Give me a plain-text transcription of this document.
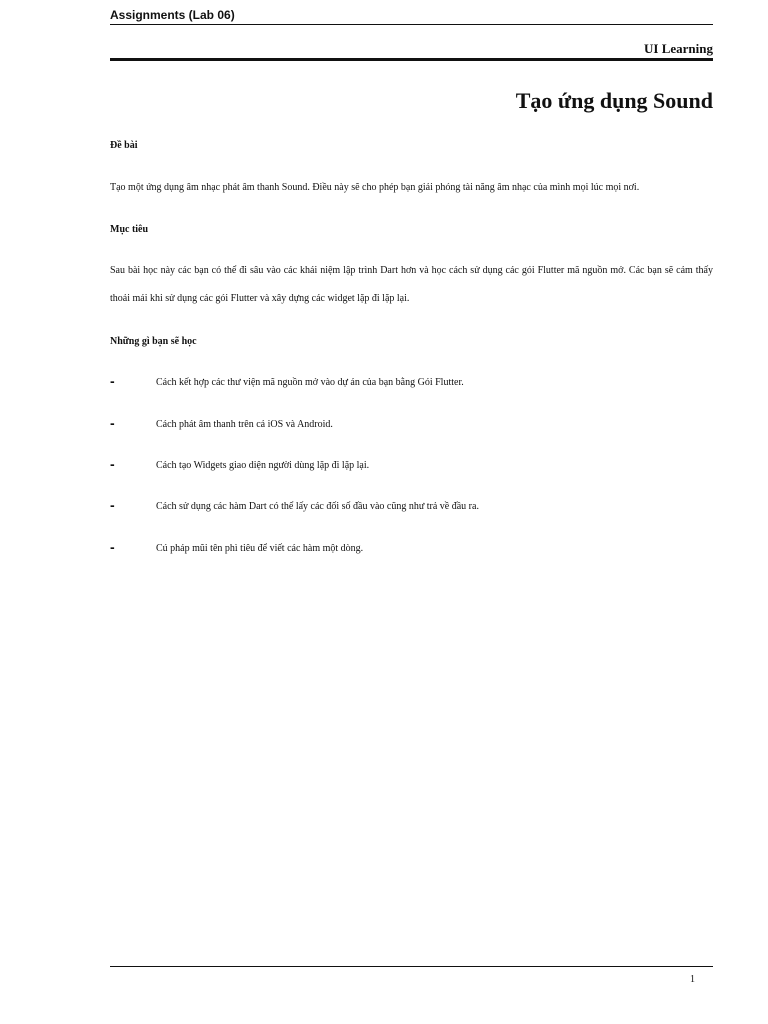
Assignments (Lab 06)
UI Learning
Tạo ứng dụng Sound
Đề bài
Tạo một ứng dụng âm nhạc phát âm thanh Sound. Điều này sẽ cho phép bạn giải phóng tài năng âm nhạc của mình mọi lúc mọi nơi.
Mục tiêu
Sau bài học này các bạn có thể đi sâu vào các khái niệm lập trình Dart hơn và học cách sử dụng các gói Flutter mã nguồn mở. Các bạn sẽ cảm thấy thoải mái khi sử dụng các gói Flutter và xây dựng các widget lặp đi lặp lại.
Những gì bạn sẽ học
-	Cách kết hợp các thư viện mã nguồn mở vào dự án của bạn bằng Gói Flutter.
-	Cách phát âm thanh trên cả iOS và Android.
-	Cách tạo Widgets giao diện người dùng lặp đi lặp lại.
-	Cách sử dụng các hàm Dart có thể lấy các đối số đầu vào cũng như trả về đầu ra.
-	Cú pháp mũi tên phì tiêu để viết các hàm một dòng.
1
